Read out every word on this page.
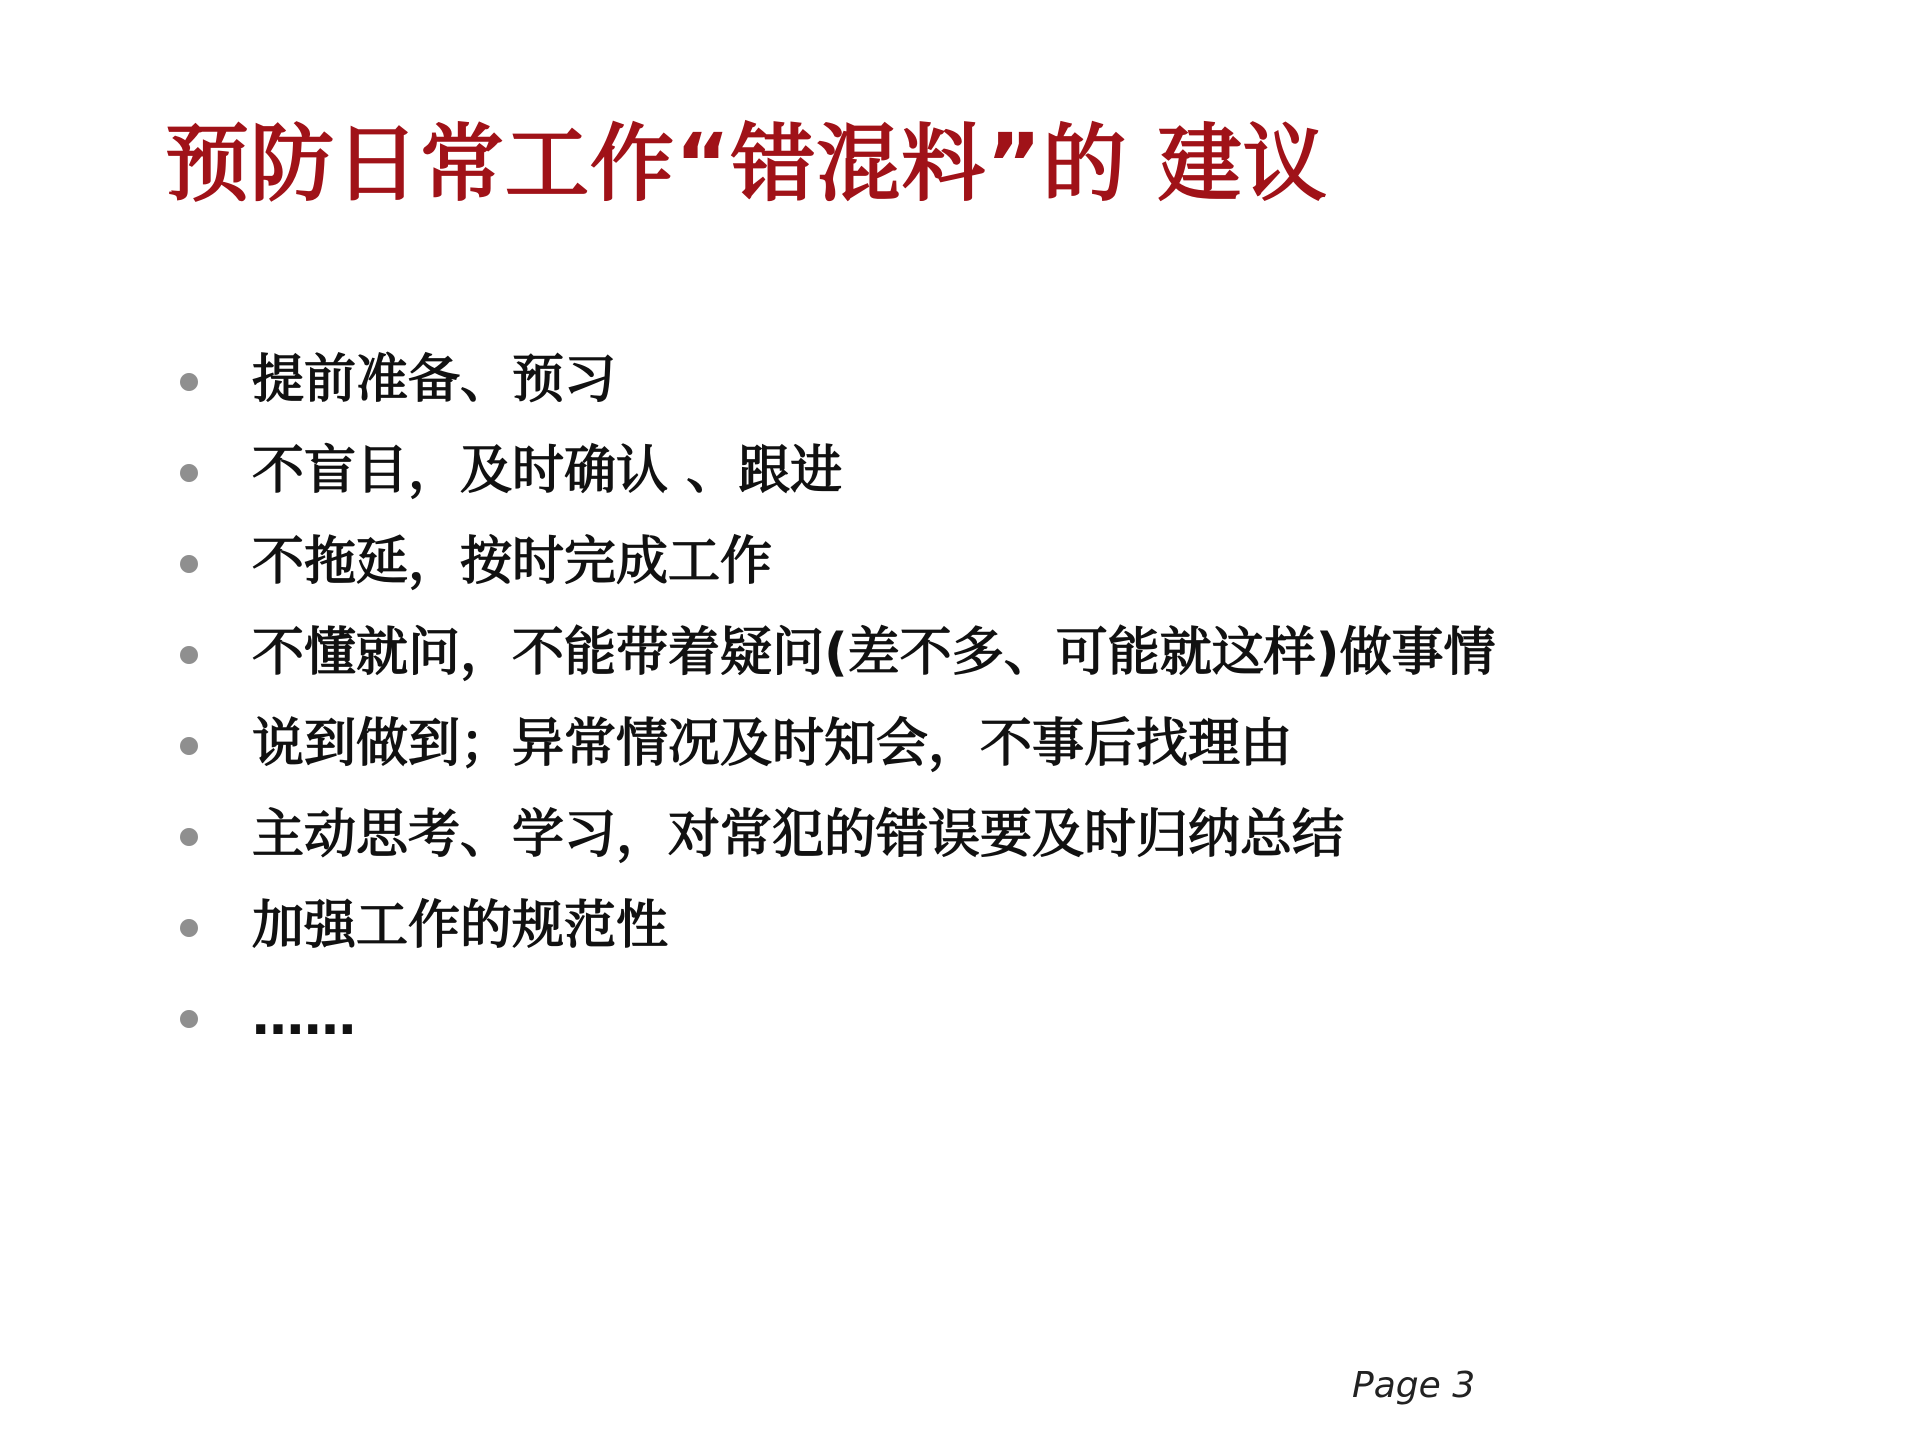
预防日常工作“错混料”的 建议
提前准备、预习
不盲目，及时确认 、跟进
不拖延，按时完成工作
不懂就问，不能带着疑问(差不多、可能就这样)做事情
说到做到；异常情况及时知会，不事后找理由
主动思考、学习，对常犯的错误要及时归纳总结
加强工作的规范性
……
Page 3
